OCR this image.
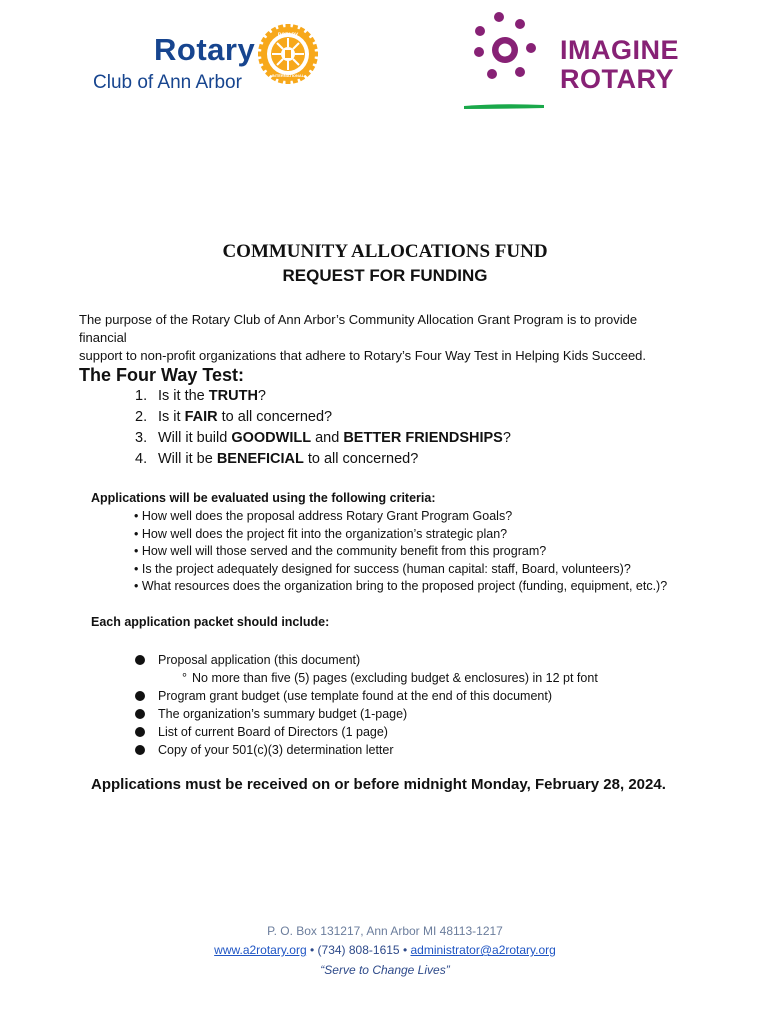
Rotary
Club of Ann Arbor
ROTARY
INTERNATIONAL
IMAGINE
ROTARY
COMMUNITY ALLOCATIONS FUND
REQUEST FOR FUNDING
The purpose of the Rotary Club of Ann Arbor’s Community Allocation Grant Program is to provide financial
support to non-profit organizations that adhere to Rotary’s Four Way Test in Helping Kids Succeed.
The Four Way Test:
1. Is it the TRUTH?
2. Is it FAIR to all concerned?
3. Will it build GOODWILL and BETTER FRIENDSHIPS?
4. Will it be BENEFICIAL to all concerned?
Applications will be evaluated using the following criteria:
• How well does the proposal address Rotary Grant Program Goals?
• How well does the project fit into the organization’s strategic plan?
• How well will those served and the community benefit from this program?
• Is the project adequately designed for success (human capital: staff, Board, volunteers)?
• What resources does the organization bring to the proposed project (funding, equipment, etc.)?
Each application packet should include:
Proposal application (this document)
° No more than five (5) pages (excluding budget & enclosures) in 12 pt font
Program grant budget (use template found at the end of this document)
The organization’s summary budget (1-page)
List of current Board of Directors (1 page)
Copy of your 501(c)(3) determination letter
Applications must be received on or before midnight Monday, February 28, 2024.
P. O. Box 131217, Ann Arbor MI 48113-1217
www.a2rotary.org • (734) 808-1615 • administrator@a2rotary.org
“Serve to Change Lives”
